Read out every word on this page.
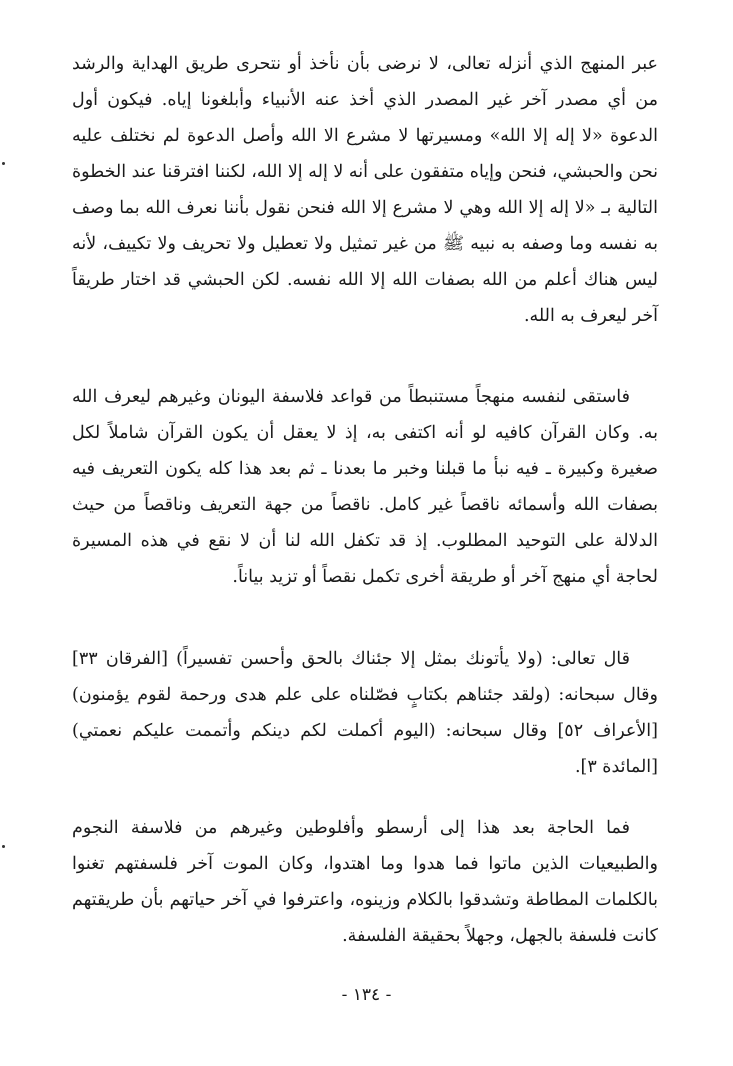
عبر المنهج الذي أنزله تعالى، لا نرضى بأن نأخذ أو نتحرى طريق الهداية والرشد من أي مصدر آخر غير المصدر الذي أخذ عنه الأنبياء وأبلغونا إياه. فيكون أول الدعوة «لا إله إلا الله» ومسيرتها لا مشرع الا الله وأصل الدعوة لم نختلف عليه نحن والحبشي، فنحن وإياه متفقون على أنه لا إله إلا الله، لكننا افترقنا عند الخطوة التالية بـ «لا إله إلا الله وهي لا مشرع إلا الله فنحن نقول بأننا نعرف الله بما وصف به نفسه وما وصفه به نبيه ﷺ من غير تمثيل ولا تعطيل ولا تحريف ولا تكييف، لأنه ليس هناك أعلم من الله بصفات الله إلا الله نفسه. لكن الحبشي قد اختار طريقاً آخر ليعرف به الله.

فاستقى لنفسه منهجاً مستنبطاً من قواعد فلاسفة اليونان وغيرهم ليعرف الله به. وكان القرآن كافيه لو أنه اكتفى به، إذ لا يعقل أن يكون القرآن شاملاً لكل صغيرة وكبيرة ـ فيه نبأ ما قبلنا وخبر ما بعدنا ـ ثم بعد هذا كله يكون التعريف فيه بصفات الله وأسمائه ناقصاً غير كامل. ناقصاً من جهة التعريف وناقصاً من حيث الدلالة على التوحيد المطلوب. إذ قد تكفل الله لنا أن لا نقع في هذه المسيرة لحاجة أي منهج آخر أو طريقة أخرى تكمل نقصاً أو تزيد بياناً.

قال تعالى: (ولا يأتونك بمثل إلا جئناك بالحق وأحسن تفسيراً) [الفرقان ٣٣] وقال سبحانه: (ولقد جئناهم بكتابٍ فصّلناه على علم هدى ورحمة لقوم يؤمنون) [الأعراف ٥٢] وقال سبحانه: (اليوم أكملت لكم دينكم وأتممت عليكم نعمتي) [المائدة ٣].

فما الحاجة بعد هذا إلى أرسطو وأفلوطين وغيرهم من فلاسفة النجوم والطبيعيات الذين ماتوا فما هدوا وما اهتدوا، وكان الموت آخر فلسفتهم تغنوا بالكلمات المطاطة وتشدقوا بالكلام وزينوه، واعترفوا في آخر حياتهم بأن طريقتهم كانت فلسفة بالجهل، وجهلاً بحقيقة الفلسفة.

- ١٣٤ -
